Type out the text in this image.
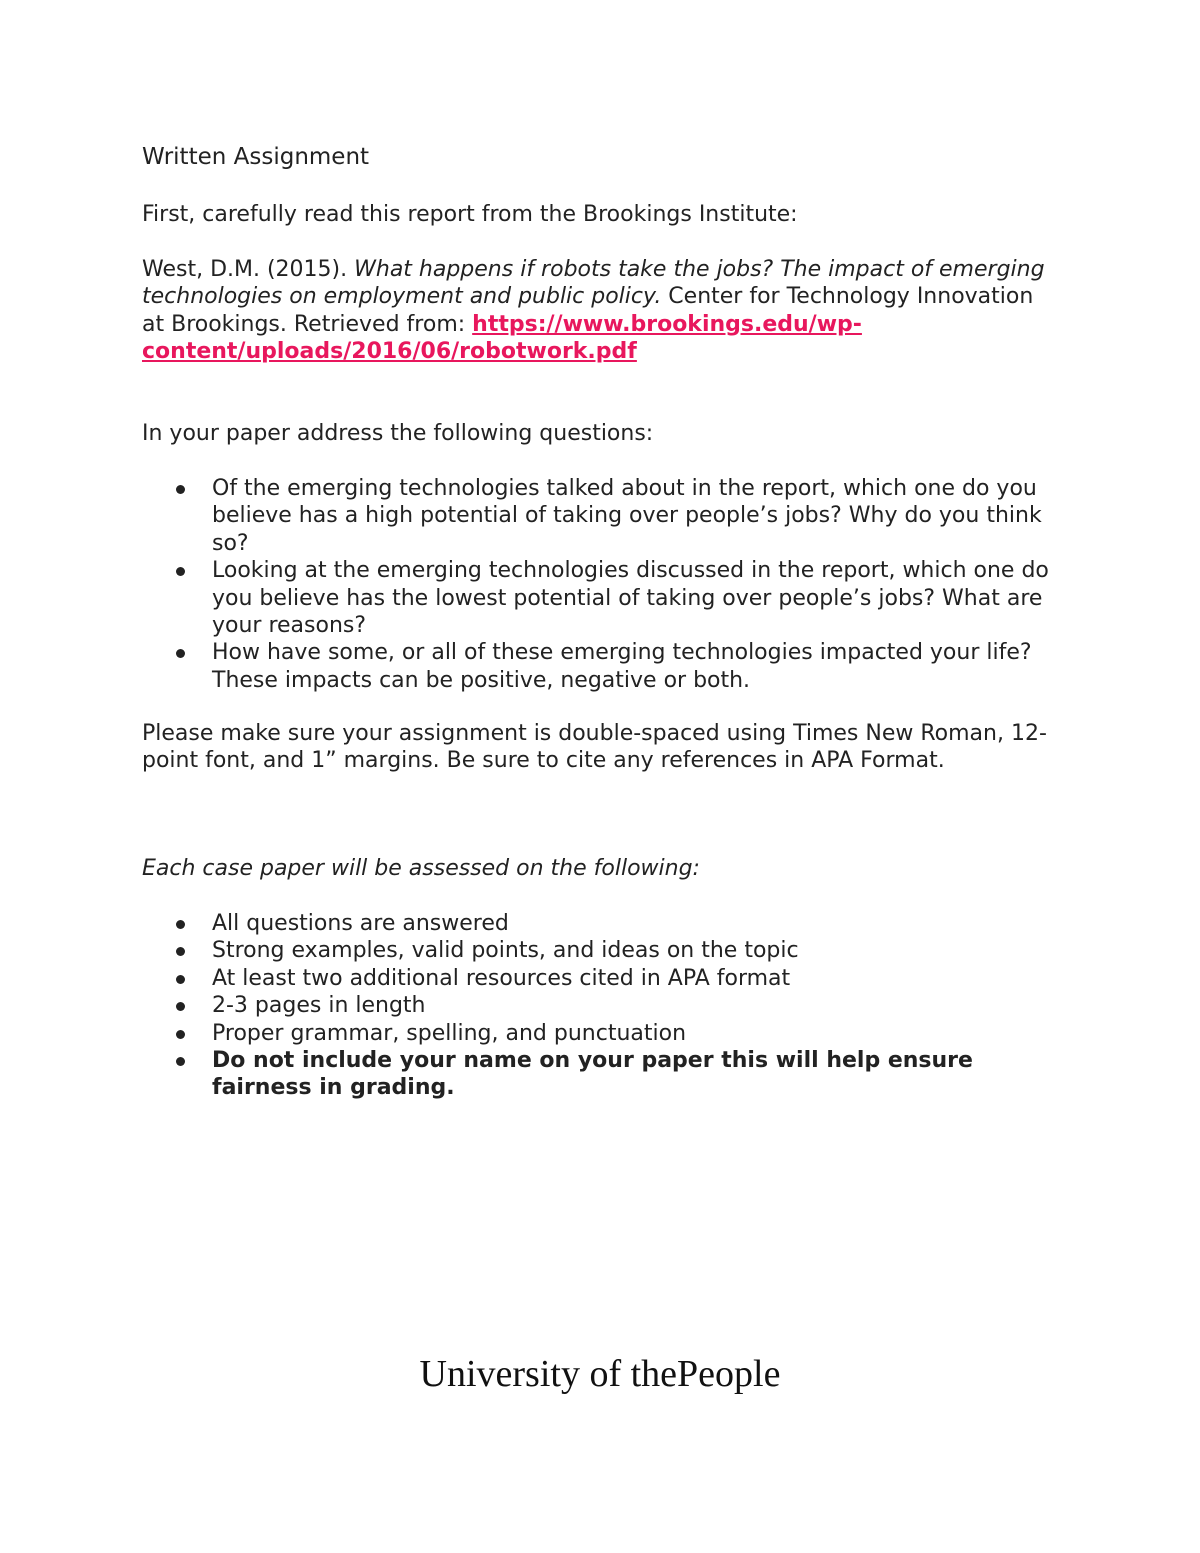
Written Assignment
First, carefully read this report from the Brookings Institute:
West, D.M. (2015). What happens if robots take the jobs? The impact of emerging technologies on employment and public policy. Center for Technology Innovation at Brookings. Retrieved from: https://www.brookings.edu/wp-content/uploads/2016/06/robotwork.pdf
In your paper address the following questions:
Of the emerging technologies talked about in the report, which one do you believe has a high potential of taking over people’s jobs? Why do you think so?
Looking at the emerging technologies discussed in the report, which one do you believe has the lowest potential of taking over people’s jobs? What are your reasons?
How have some, or all of these emerging technologies impacted your life? These impacts can be positive, negative or both.
Please make sure your assignment is double-spaced using Times New Roman, 12-point font, and 1” margins. Be sure to cite any references in APA Format.
Each case paper will be assessed on the following:
All questions are answered
Strong examples, valid points, and ideas on the topic
At least two additional resources cited in APA format
2-3 pages in length
Proper grammar, spelling, and punctuation
Do not include your name on your paper this will help ensure fairness in grading.
University of thePeople
